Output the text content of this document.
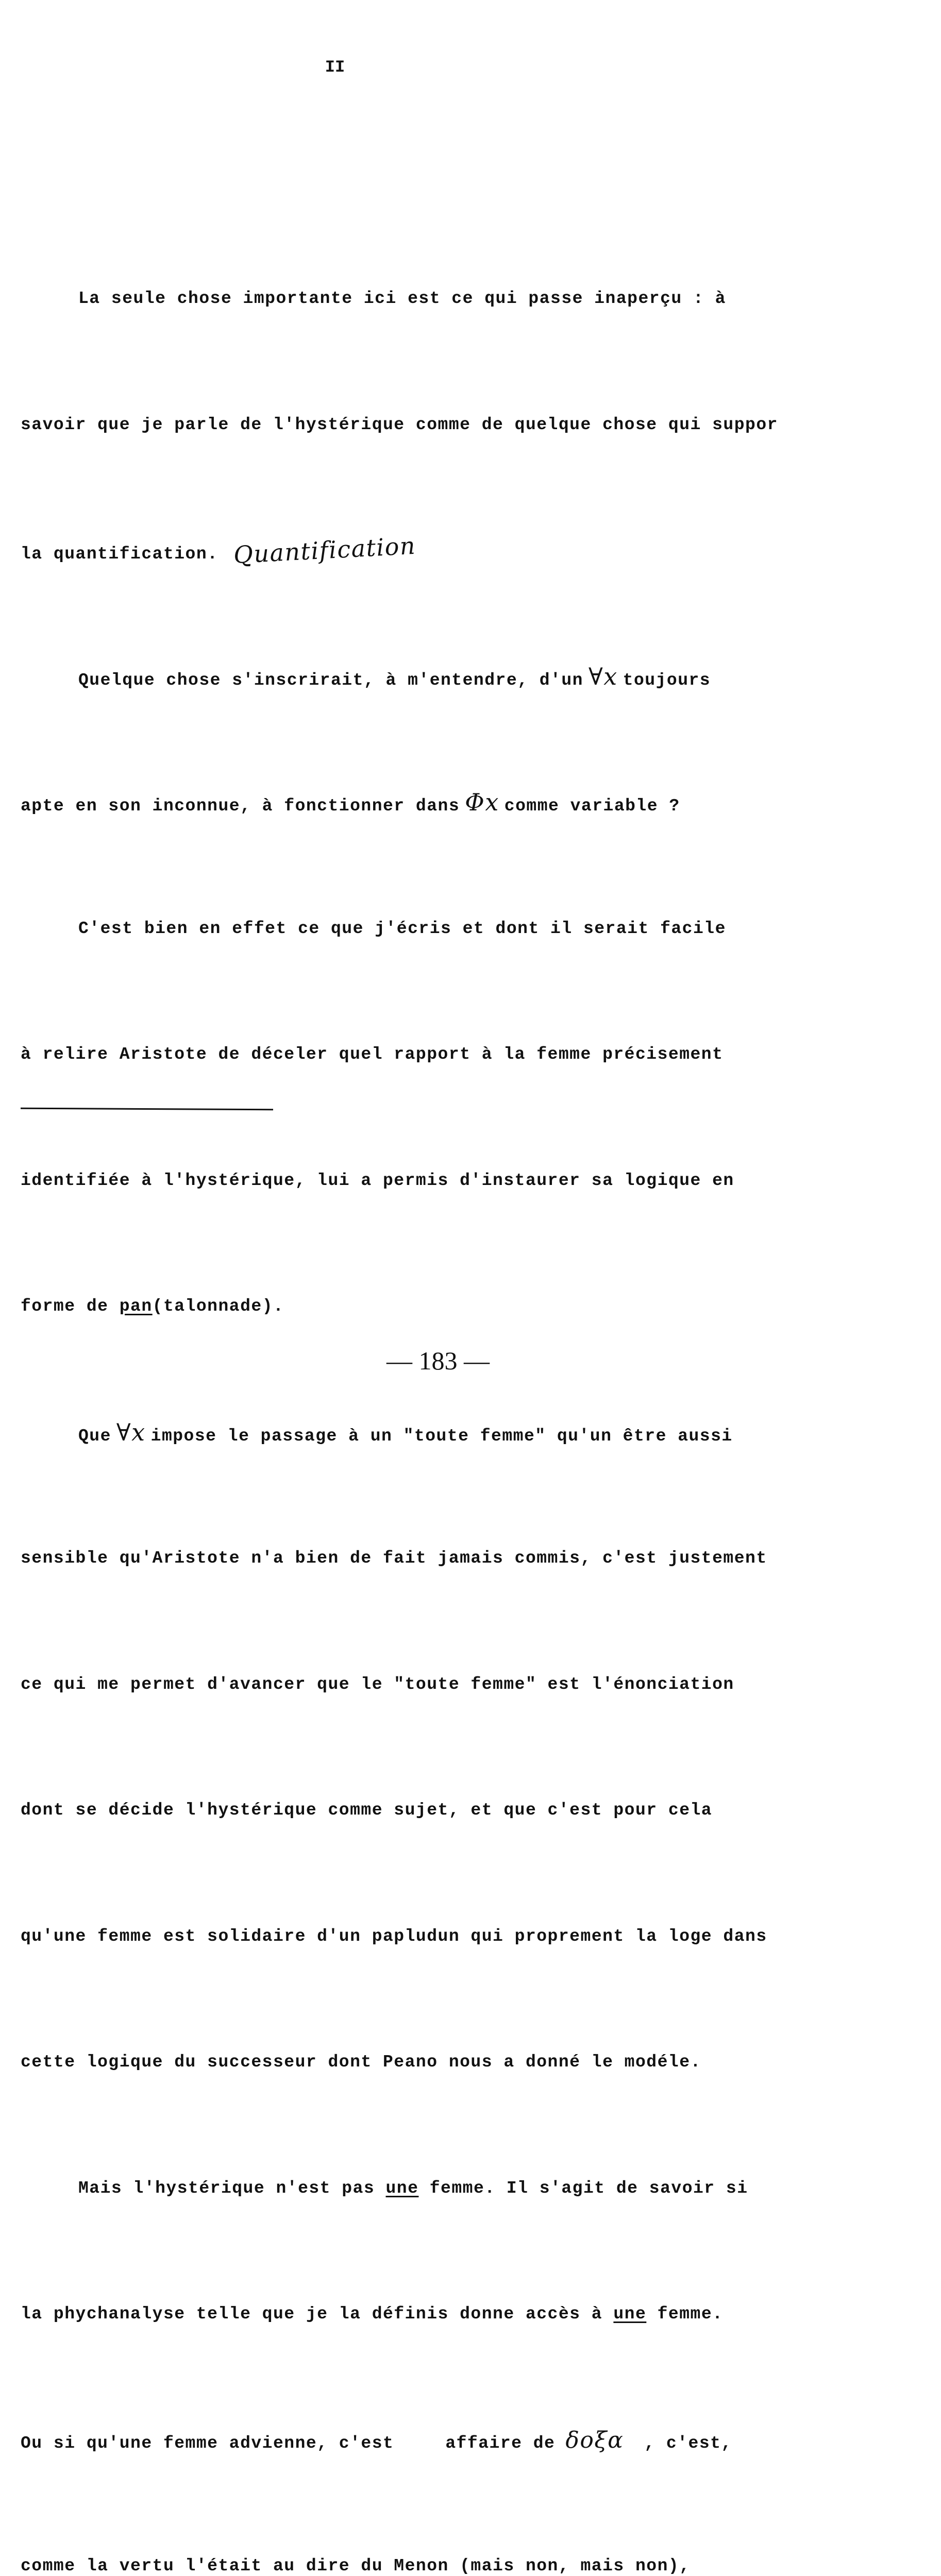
II

La seule chose importante ici est ce qui passe inaperçu : à

savoir que je parle de l'hystérique comme de quelque chose qui suppor

la quantification. Quantification

Quelque chose s'inscrirait, à m'entendre, d'un ∀x toujours

apte en son inconnue, à fonctionner dans Φx comme variable ?

C'est bien en effet ce que j'écris et dont il serait facile

à relire Aristote de déceler quel rapport à la femme précisement

identifiée à l'hystérique, lui a permis d'instaurer sa logique en

forme de pan(talonnade).

Que ∀x impose le passage à un "toute femme" qu'un être aussi

sensible qu'Aristote n'a bien de fait jamais commis, c'est justement

ce qui me permet d'avancer que le "toute femme" est l'énonciation

dont se décide l'hystérique comme sujet, et que c'est pour cela

qu'une femme est solidaire d'un papludun qui proprement la loge dans

cette logique du successeur dont Peano nous a donné le modéle.

Mais l'hystérique n'est pas une femme. Il s'agit de savoir si

la phychanalyse telle que je la définis donne accès à une femme.

Ou si qu'une femme advienne, c'est	affaire de δοξα , c'est,

comme la vertu l'était au dire du Menon (mais non, mais non),

— 183 —
